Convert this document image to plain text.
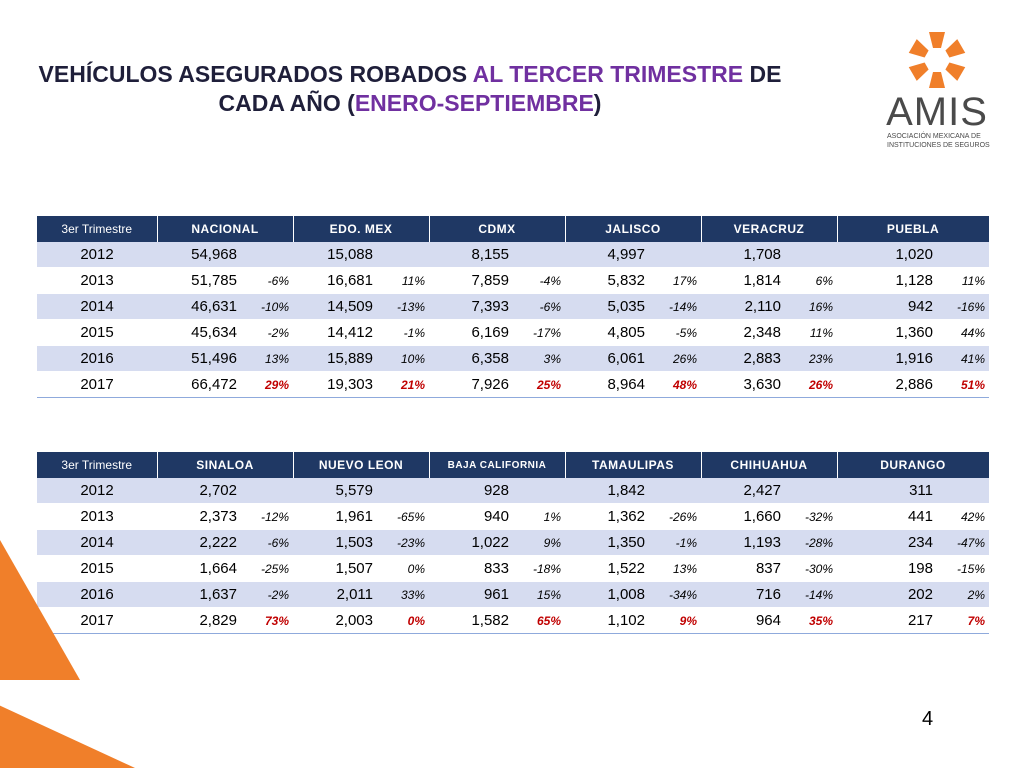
VEHÍCULOS ASEGURADOS ROBADOS AL TERCER TRIMESTRE DE
CADA AÑO (ENERO-SEPTIEMBRE)	AMIS
ASOCIACIÓN MEXICANA DE
INSTITUCIONES DE SEGUROS
3er Trimestre	NACIONAL		EDO. MEX		CDMX		JALISCO		VERACRUZ		PUEBLA	
2012	54,968		15,088		8,155		4,997		1,708		1,020	
2013	51,785	-6%	16,681	11%	7,859	-4%	5,832	17%	1,814	6%	1,128	11%
2014	46,631	-10%	14,509	-13%	7,393	-6%	5,035	-14%	2,110	16%	942	-16%
2015	45,634	-2%	14,412	-1%	6,169	-17%	4,805	-5%	2,348	11%	1,360	44%
2016	51,496	13%	15,889	10%	6,358	3%	6,061	26%	2,883	23%	1,916	41%
2017	66,472	29%	19,303	21%	7,926	25%	8,964	48%	3,630	26%	2,886	51%
3er Trimestre	SINALOA		NUEVO LEON		BAJA CALIFORNIA		TAMAULIPAS		CHIHUAHUA		DURANGO	
2012	2,702		5,579		928		1,842		2,427		311	
2013	2,373	-12%	1,961	-65%	940	1%	1,362	-26%	1,660	-32%	441	42%
2014	2,222	-6%	1,503	-23%	1,022	9%	1,350	-1%	1,193	-28%	234	-47%
2015	1,664	-25%	1,507	0%	833	-18%	1,522	13%	837	-30%	198	-15%
2016	1,637	-2%	2,011	33%	961	15%	1,008	-34%	716	-14%	202	2%
2017	2,829	73%	2,003	0%	1,582	65%	1,102	9%	964	35%	217	7%
4
